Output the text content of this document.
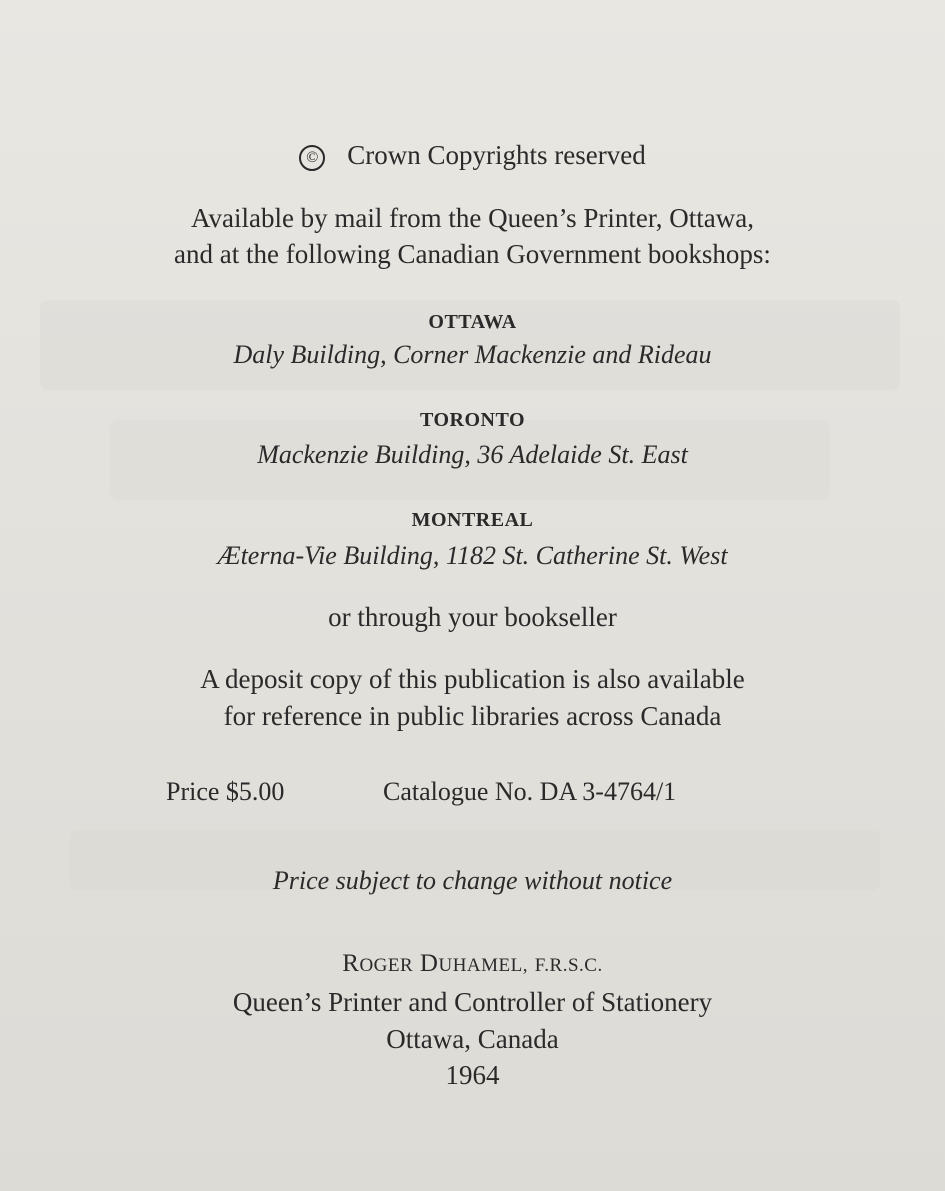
© Crown Copyrights reserved
Available by mail from the Queen’s Printer, Ottawa,
and at the following Canadian Government bookshops:
OTTAWA
Daly Building, Corner Mackenzie and Rideau
TORONTO
Mackenzie Building, 36 Adelaide St. East
MONTREAL
Æterna-Vie Building, 1182 St. Catherine St. West
or through your bookseller
A deposit copy of this publication is also available
for reference in public libraries across Canada
Price $5.00	Catalogue No. DA 3-4764/1
Price subject to change without notice
ROGER DUHAMEL, F.R.S.C.
Queen’s Printer and Controller of Stationery
Ottawa, Canada
1964
